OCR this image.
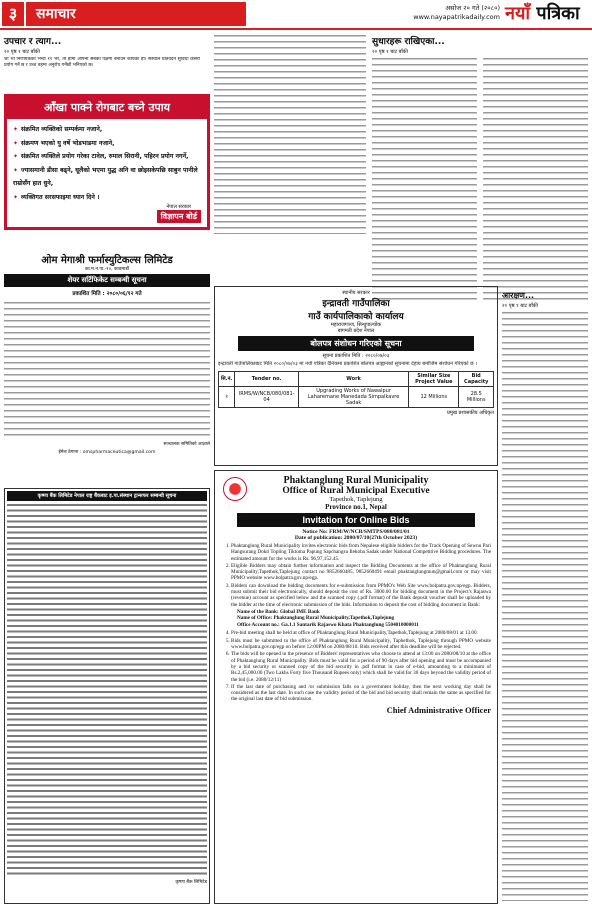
३	समाचार	असोज २० गते (२०८०)
www.nayapatrikadaily.com नयाँ पत्रिका
उपचार र त्याग...
२० पृष्ठ १ बाट बाँकी
जो भी निर्णायकको भन्दा ११ भर, ती हामी आफ्नो सबैको पक्षमा बनाउँन कार्यका हो। संस्थाले प्रतिवेदन सुविधा कसरी प्रयोग गर्ने छ र उच्च तहमा अनुरोध गर्नेछौं भनिएको छ।
आँखा पाक्ने रोगबाट बच्ने उपाय
✦ संक्रमित व्यक्तिको सम्पर्कमा नजाने,
✦ संक्रमण भएको यु वर्षे भोडभाडमा नजाने,
✦ संक्रमित व्यक्तिले प्रयोग गरेका टावेल, रुमाल सिरानी, पहिरन प्रयोग नगर्ने,
✦ ज्यासमानी डीसा बढ्ने, धूलैको भएमा युद्ध अनि वा छोइसकेपछि साबुन पानीले राम्रोसँग हात धुने,
✦ व्यक्तिगत सरसफाइमा ध्यान दिने ।
नेपाल सरकार
विज्ञापन बोर्ड
ओम मेगाश्री फर्मास्युटिकल्स लिमिटेड
का.म.न.पा.-१०, काठमाडौं
शेयर सर्टिफिकेट सम्बन्धी सूचना
प्रकाशित मिति : २०८०/०६/१२ गते
सञ्चालक समितिको आज्ञाले
ईमेल ठेगाना : omspharmaceutica@gmail.com
कृष्णा बैंक लिमिटेड नेपाल राष्ट्र बैंकबाट इ.पा.संस्थान ट्रान्सफर सम्बन्धी सूचना
कृष्णा बैंक लिमिटेड
सुधारहरू राखिएका...
२० पृष्ठ १ बाट बाँकी
स्थानीय सरकार
इन्द्रावती गाउँपालिका
गाउँ कार्यपालिकाको कार्यालय
महाराजगञ्ज, सिन्धुपाल्चोक
बागमती प्रदेश नेपाल
बोलपत्र संशोधन गरिएको सूचना
सूचना प्रकाशित मिति : २०८०/०७/०३
इन्द्रावती गाउँपालिकाबाट मिति २०८०/०७/०३ मा नयाँ पत्रिका दैनिकमा प्रकाशित बोलपत्र आह्वानको सूचनामा देहाय बमोजिम संशोधन गरिएको छ ।
सि.नं.	Tender no.	Work	Similar Size Project Value	Bid Capacity
१	IRMS/W/NCB/080/081-04	Upgrading Works of Nawalpur Laharemane Manedada Simpalkavre Sadak	12 Millions	28.5 Millions
प्रमुख प्रशासकीय अधिकृत
Phaktanglung Rural Municipality
Office of Rural Municipal Executive
Tapethok, Taplejung
Province no.1, Nepal
Invitation for Online Bids
Notice No: FRM/W/NCB/SMTPS/080/081/01
Date of publication: 2080/07/10(27th October 2023)
1. Phaktanglung Rural Municipality invites electronic bids from Nepalese eligible bidders for the Track Opening of Sewnu Pari Hangsurang Dokti Topling Tiktoma Papung Sapchangsu Ilekoba Sadak under National Competitive Bidding procedures. The estimated amount for the works is Rs. 96,97,152.45.
2. Eligible Bidders may obtain further information and inspect the Bidding Documents at the office of Phaktanglung Rural Municipality,Tapethok,Taplejung contact no 9852660485, 9852660491 email phaktanglungmun@gmail.com or may visit PPMO website www.bolpatra.gov.np/egp.
3. Bidders can download the bidding documents for e-submission from PPMO's Web Site www.bolpatra.gov.np/egp. Bidders, must submit their bid electronically, should deposit the cost of Rs. 3000.00 for bidding document in the Project's Rajaswa (revenue) account as specified below and the scanned copy (.pdf format) of the Bank deposit voucher shall be uploaded by the bidder at the time of electronic submission of the bids. Information to deposit the cost of bidding document in Bank:
Name of the Bank: Global IME Bank
Name of Office: Phaktanglung Rural Municipality,Tapethok,Taplejung
Office Account no.: Ga.1.1 Santarik Rajaswo Khata Phaktanglung 5504010000011
4. Pre-bid meeting shall be held at office of Phaktanglung Rural Municipality,Tapethok,Taplejung at 2080/08/01 at 13.00.
5. Bids must be submitted to the office of Phaktanglung Rural Municipality, Taphethok, Taplejung through PPMO website www.bolpatra.gov.np/egp on before 12:00PM on 2080/08/10. Bids received after this deadline will be rejected.
6. The bids will be opened in the presence of Bidders' representatives who choose to attend at 13:00 on 2080/08/10 at the office of Phaktanglung Rural Municipality. Bids must be valid for a period of 90 days after bid opening and must be accompanied by a bid security or scanned copy of the bid security in .pdf format in case of e-bid, amounting to a minimum of Rs.2,45,000.00 (Two Lakhs Forty five Thousand Rupees only) which shall be valid for 30 days beyond the validity period of the bid (i.e. 2080/12/11)
7. If the last date of purchasing and /or submission falls on a government holiday, then the next working day shall be considered as the last date. In such case the validity period of the bid and bid security shall remain the same as specified for the original last date of bid submission.
Chief Administrative Officer
आरक्षण...
२० पृष्ठ १ बाट बाँकी
